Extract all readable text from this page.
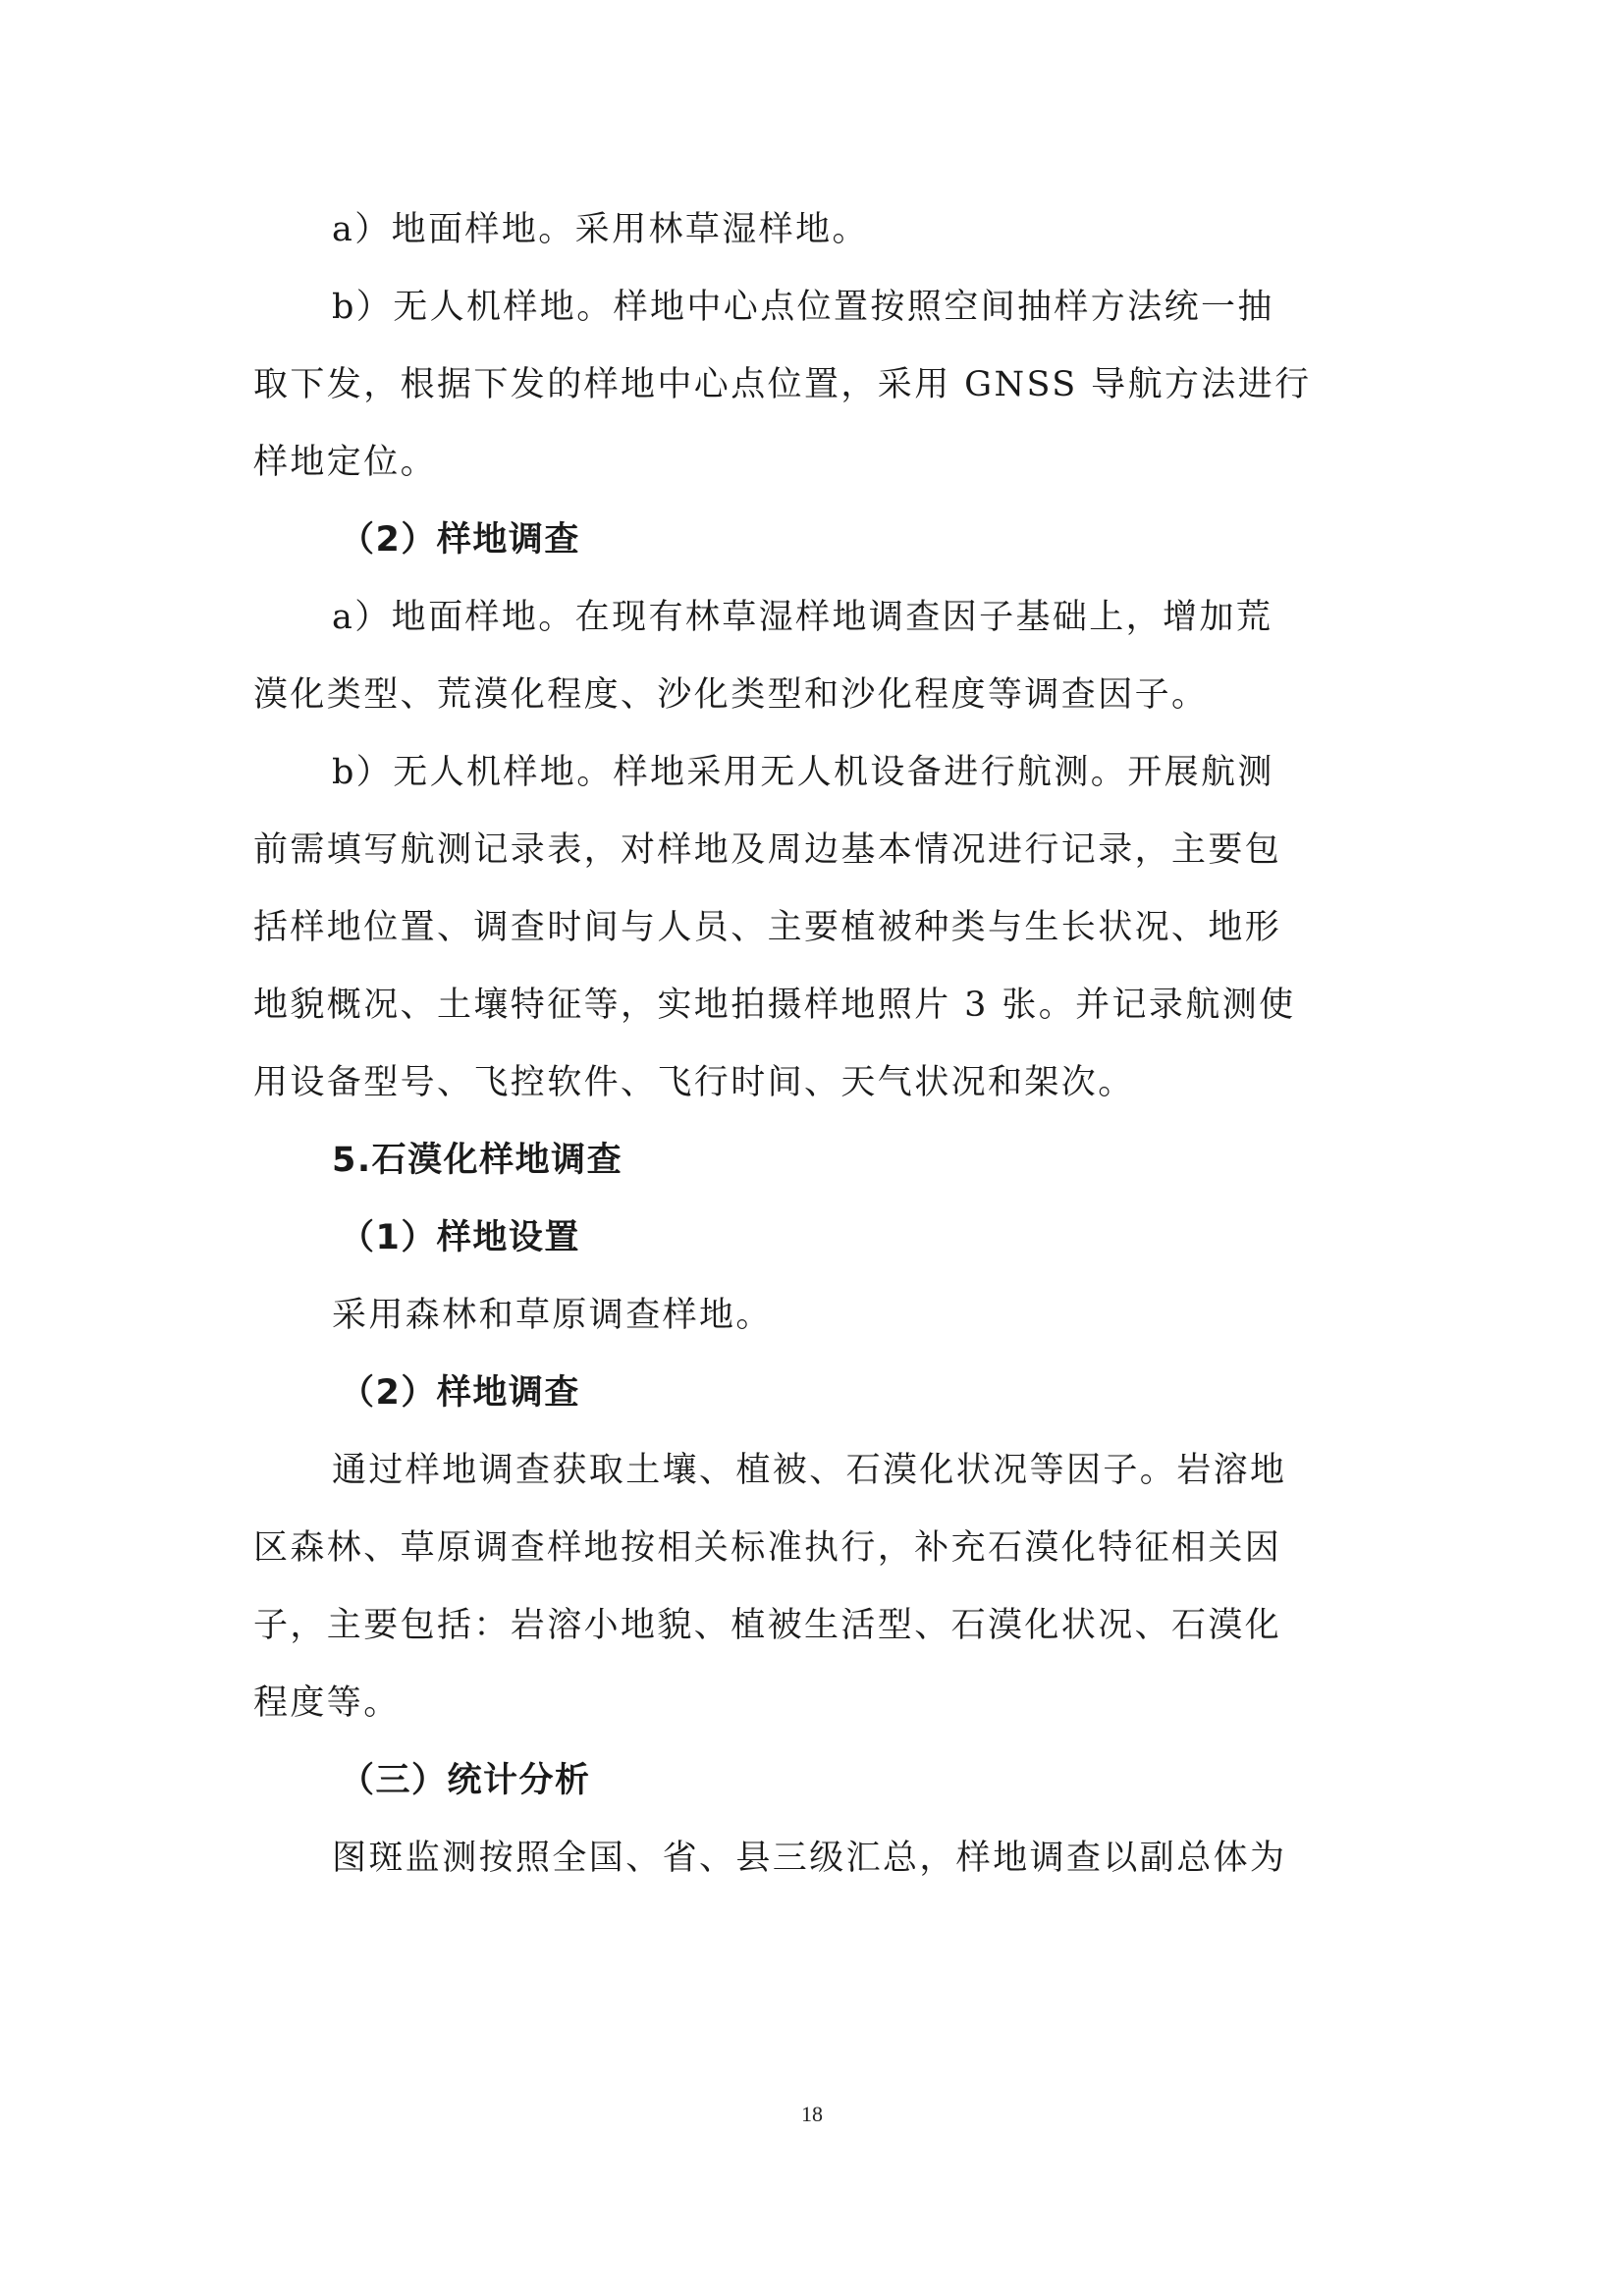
a）地面样地。采用林草湿样地。
b）无人机样地。样地中心点位置按照空间抽样方法统一抽
取下发，根据下发的样地中心点位置，采用 GNSS 导航方法进行
样地定位。
（2）样地调查
a）地面样地。在现有林草湿样地调查因子基础上，增加荒
漠化类型、荒漠化程度、沙化类型和沙化程度等调查因子。
b）无人机样地。样地采用无人机设备进行航测。开展航测
前需填写航测记录表，对样地及周边基本情况进行记录，主要包
括样地位置、调查时间与人员、主要植被种类与生长状况、地形
地貌概况、土壤特征等，实地拍摄样地照片 3 张。并记录航测使
用设备型号、飞控软件、飞行时间、天气状况和架次。
5.石漠化样地调查
（1）样地设置
采用森林和草原调查样地。
（2）样地调查
通过样地调查获取土壤、植被、石漠化状况等因子。岩溶地
区森林、草原调查样地按相关标准执行，补充石漠化特征相关因
子，主要包括：岩溶小地貌、植被生活型、石漠化状况、石漠化
程度等。
（三）统计分析
图斑监测按照全国、省、县三级汇总，样地调查以副总体为
18
